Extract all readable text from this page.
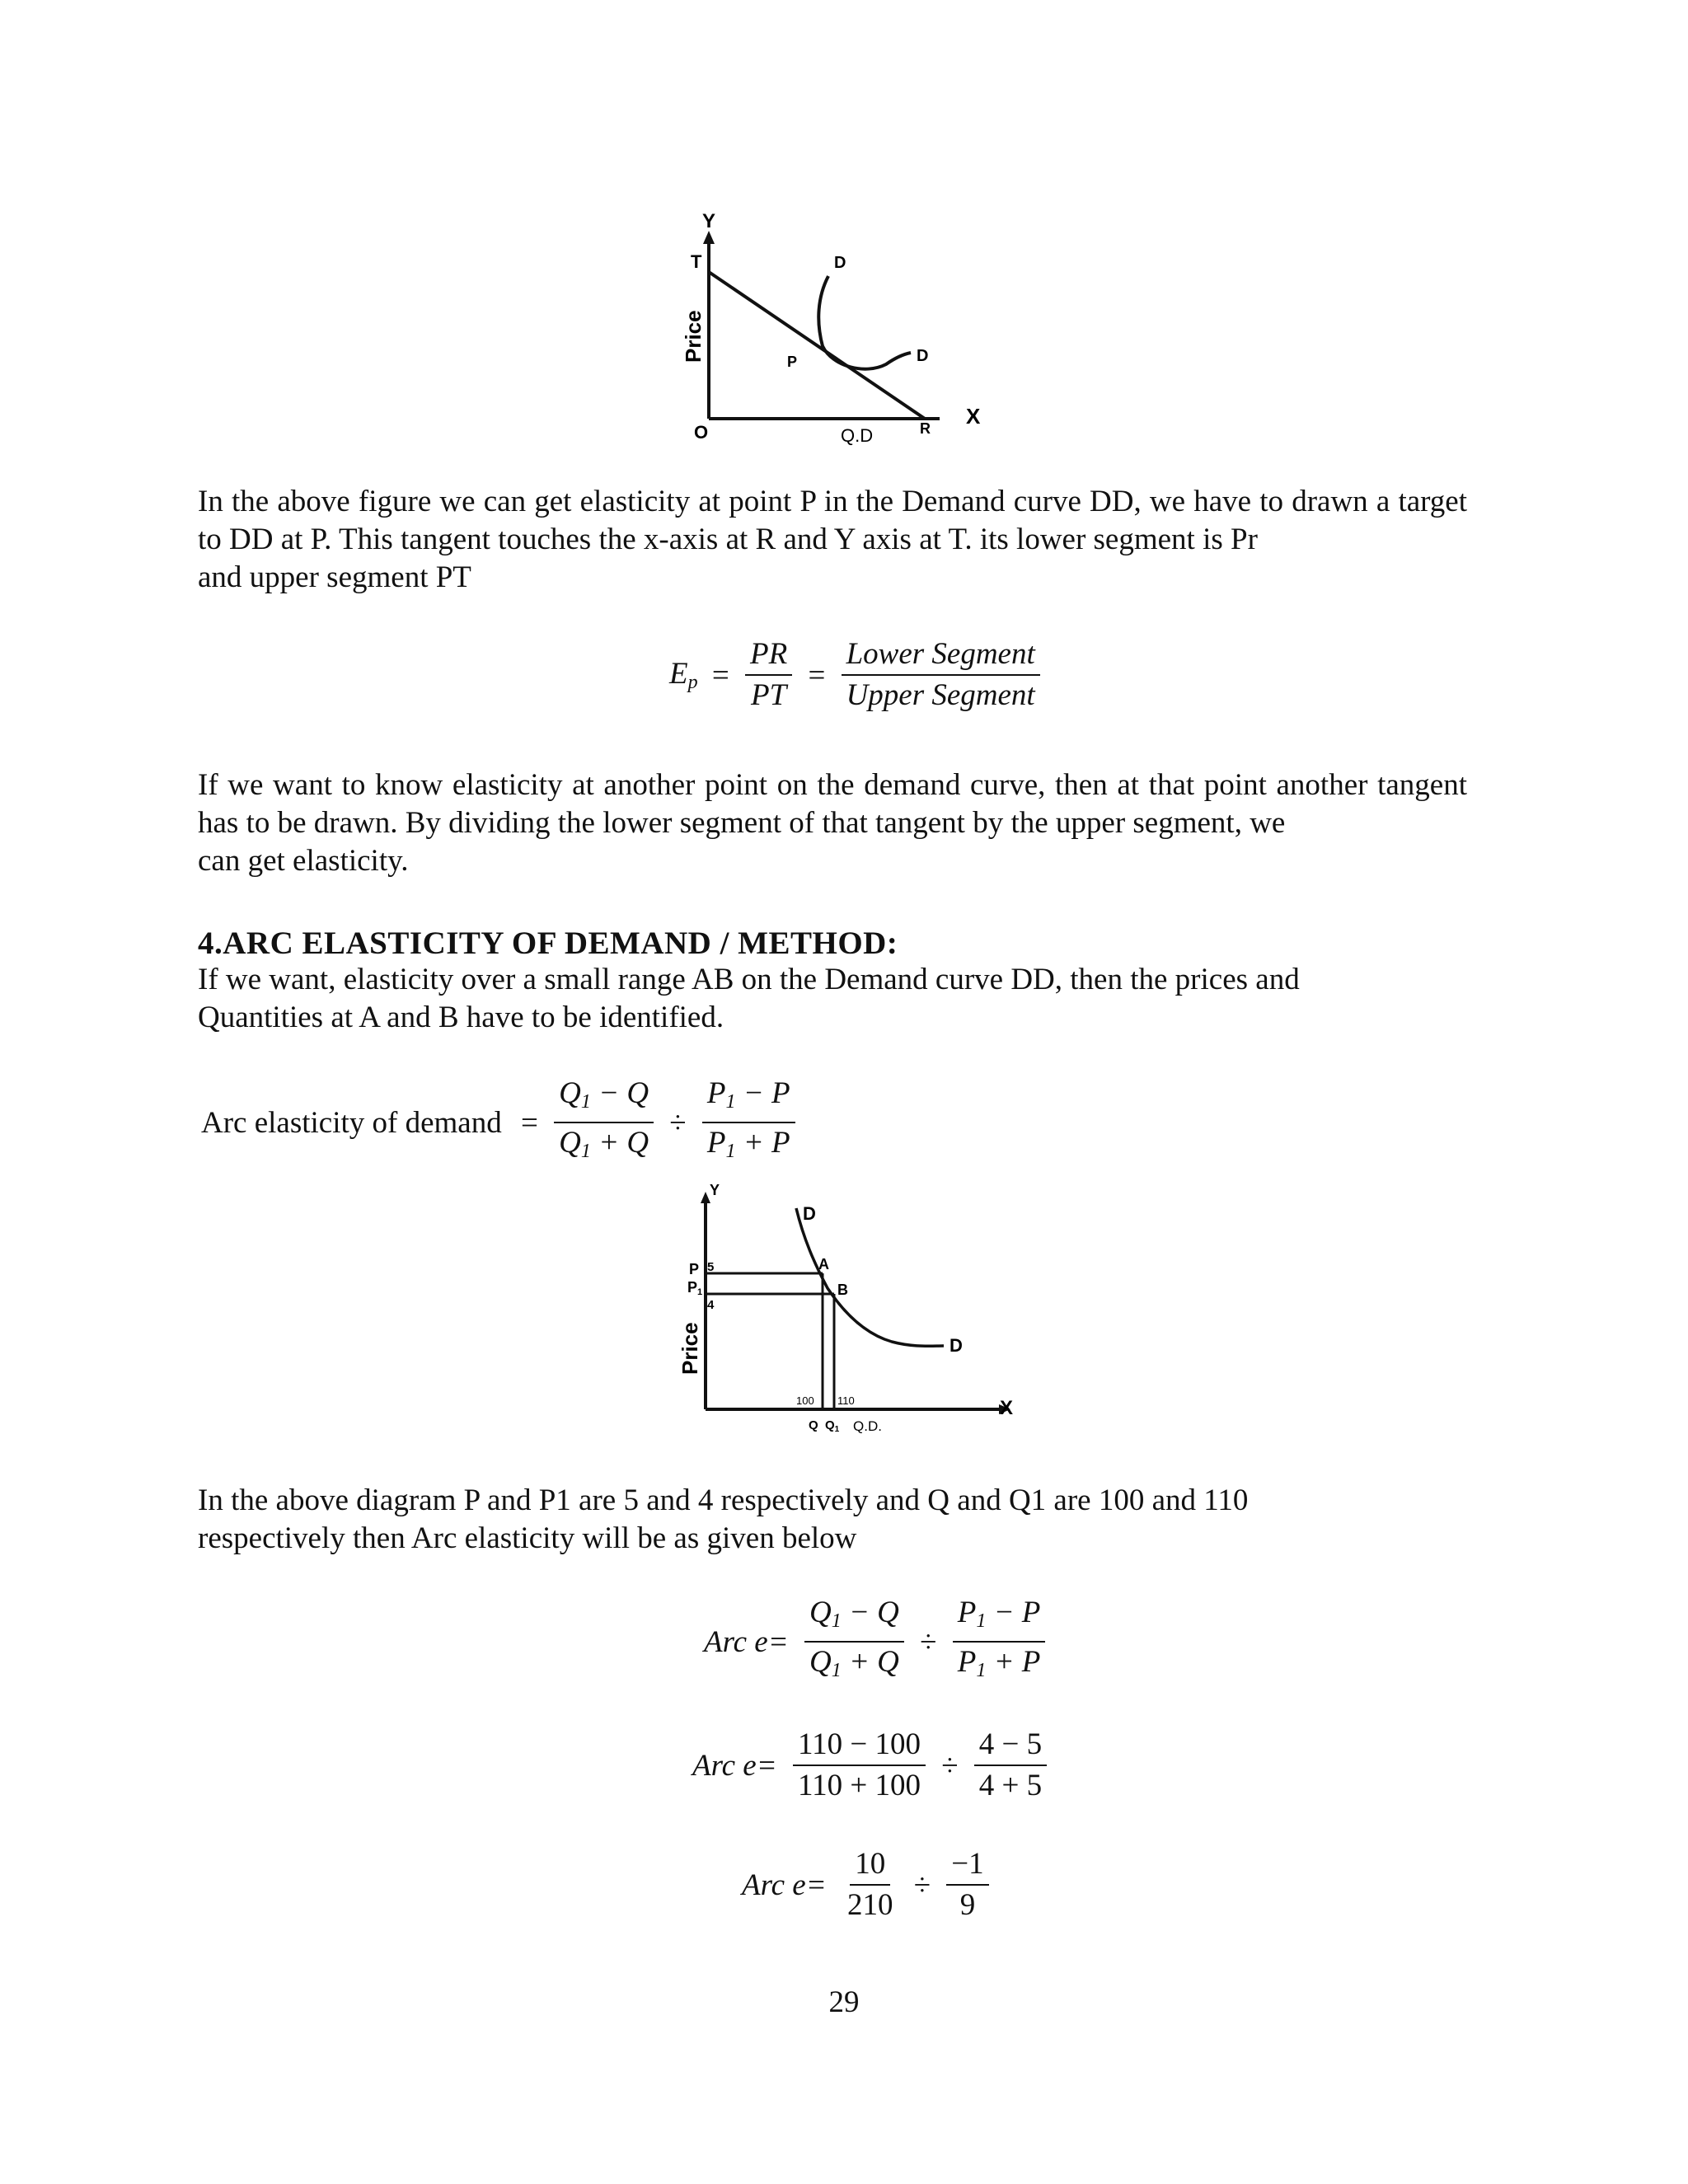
Y
T	D
Price	P	D
O	Q.D	R X

In the above figure we can get elasticity at point P in the Demand curve DD, we have to drawn a target to DD at P. This tangent touches the x-axis at R and Y axis at T. its lower segment is Pr
and upper segment PT

$E_p = \frac{PR}{PT} = \frac{\text{Lower Segment}}{\text{Upper Segment}}$

If we want to know elasticity at another point on the demand curve, then at that point another tangent has to be drawn. By dividing the lower segment of that tangent by the upper segment, we
can get elasticity.

4.ARC ELASTICITY OF DEMAND / METHOD:

If we want, elasticity over a small range AB on the Demand curve DD, then the prices and
Quantities at A and B have to be identified.

Arc elasticity of demand = $\frac{Q_1 - Q}{Q_1 + Q} \div \frac{P_1 - P}{P_1 + P}$
Y
D
P 5	A
P1
4
B
D
Price
100 110
Q $Q_1$ Q.D.
X

In the above diagram P and P1 are 5 and 4 respectively and Q and Q1 are 100 and 110
respectively then Arc elasticity will be as given below

Arc $e= \frac{Q_1 - Q}{Q_1 + Q} \div \frac{P_1 - P}{P_1 + P}$
Arc $e= \frac{110 - 100}{110 + 100} \div \frac{4 - 5}{4 + 5}$
Arc $e= \frac{10}{210} \div \frac{-1}{9}$
29
